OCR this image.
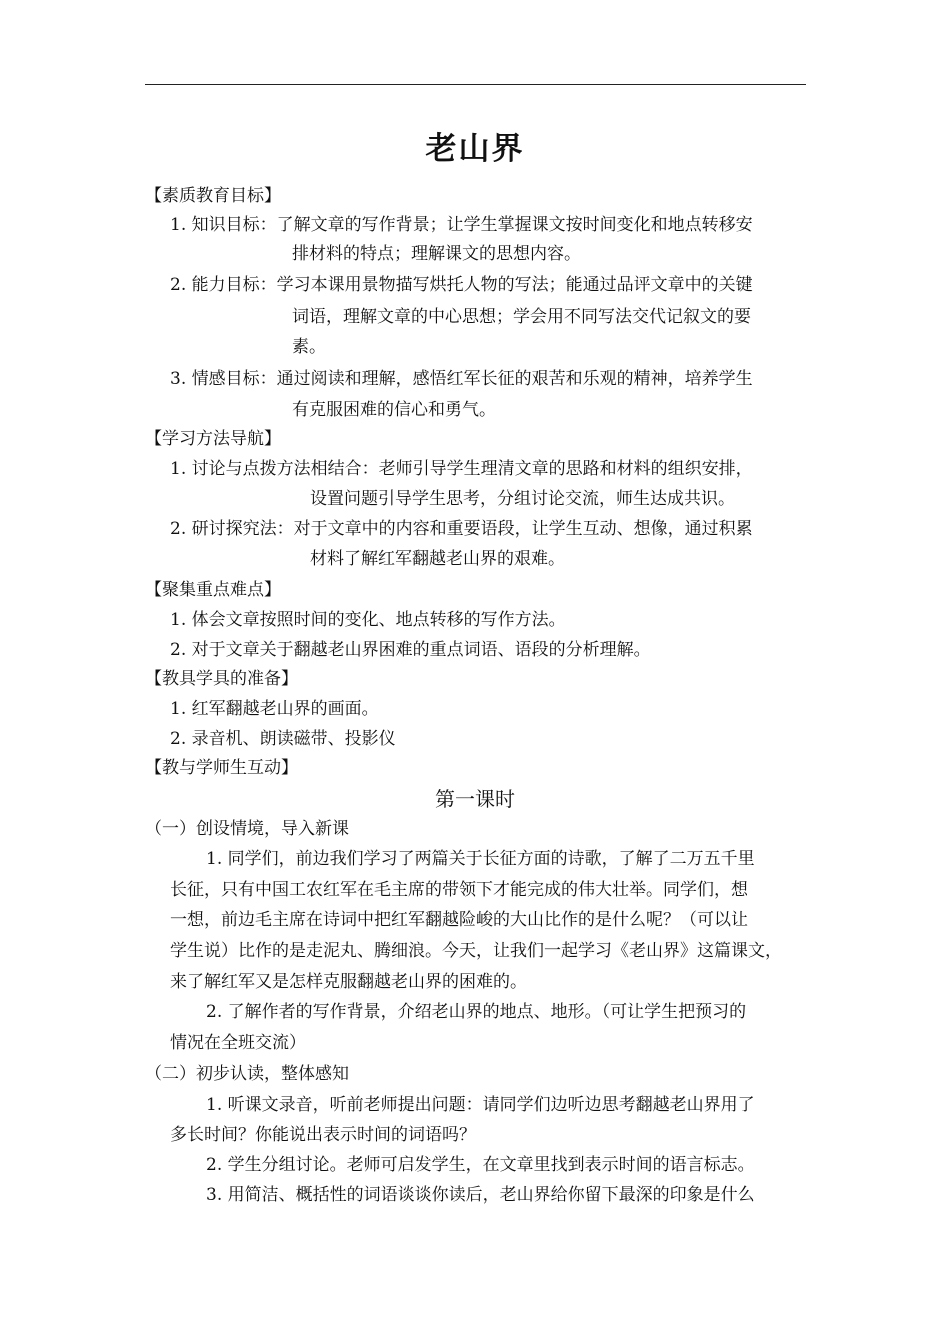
老山界
【素质教育目标】
1. 知识目标：了解文章的写作背景；让学生掌握课文按时间变化和地点转移安
排材料的特点；理解课文的思想内容。
2. 能力目标：学习本课用景物描写烘托人物的写法；能通过品评文章中的关键
词语，理解文章的中心思想；学会用不同写法交代记叙文的要
素。
3. 情感目标：通过阅读和理解，感悟红军长征的艰苦和乐观的精神，培养学生
有克服困难的信心和勇气。
【学习方法导航】
1. 讨论与点拨方法相结合：老师引导学生理清文章的思路和材料的组织安排，
设置问题引导学生思考，分组讨论交流，师生达成共识。
2. 研讨探究法：对于文章中的内容和重要语段，让学生互动、想像，通过积累
材料了解红军翻越老山界的艰难。
【聚集重点难点】
1. 体会文章按照时间的变化、地点转移的写作方法。
2. 对于文章关于翻越老山界困难的重点词语、语段的分析理解。
【教具学具的准备】
1. 红军翻越老山界的画面。
2. 录音机、朗读磁带、投影仪
【教与学师生互动】
第一课时
（一）创设情境，导入新课
1. 同学们，前边我们学习了两篇关于长征方面的诗歌，了解了二万五千里
长征，只有中国工农红军在毛主席的带领下才能完成的伟大壮举。同学们，想
一想，前边毛主席在诗词中把红军翻越险峻的大山比作的是什么呢？（可以让
学生说）比作的是走泥丸、腾细浪。今天，让我们一起学习《老山界》这篇课文，
来了解红军又是怎样克服翻越老山界的困难的。
2. 了解作者的写作背景，介绍老山界的地点、地形。（可让学生把预习的
情况在全班交流）
（二）初步认读，整体感知
1. 听课文录音，听前老师提出问题：请同学们边听边思考翻越老山界用了
多长时间？你能说出表示时间的词语吗？
2. 学生分组讨论。老师可启发学生，在文章里找到表示时间的语言标志。
3. 用简洁、概括性的词语谈谈你读后，老山界给你留下最深的印象是什么
